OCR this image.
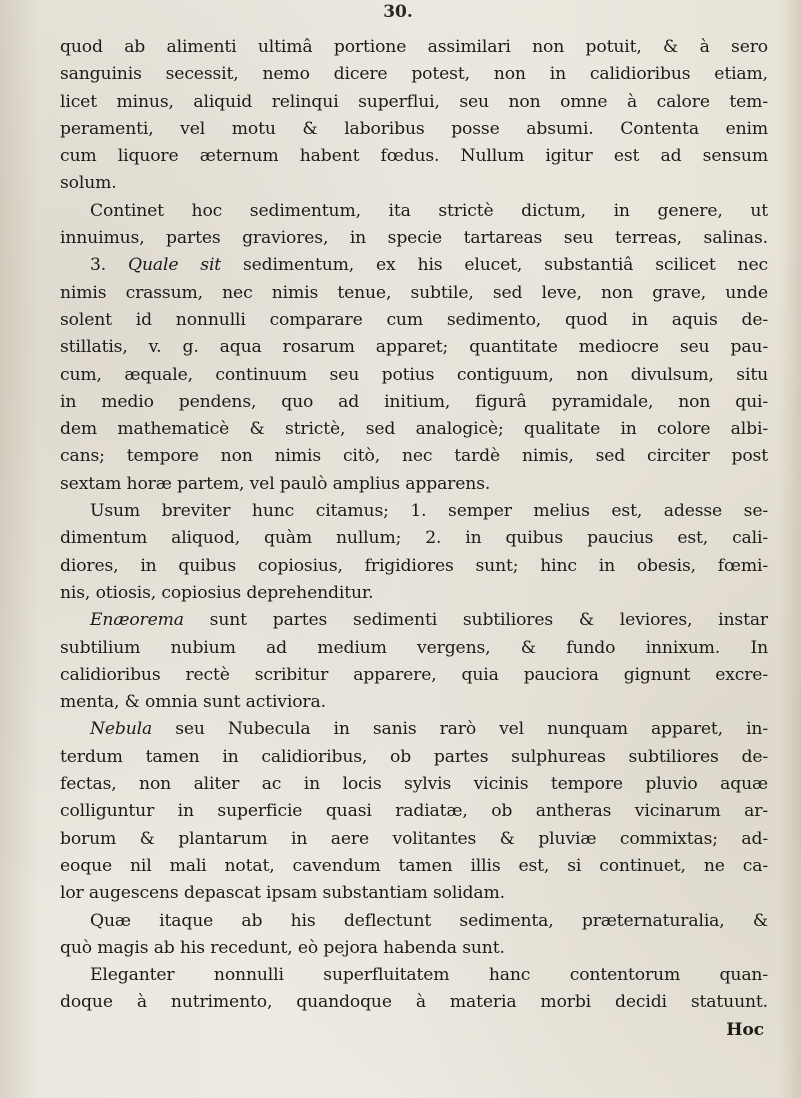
30.
quod ab alimenti ultimâ portione assimilari non potuit, & à sero
sanguinis secessit, nemo dicere potest, non in calidioribus etiam,
licet minus, aliquid relinqui superflui, seu non omne à calore tem-
peramenti, vel motu & laboribus posse absumi. Contenta enim
cum liquore æternum habent fœdus. Nullum igitur est ad sensum
solum.
Continet hoc sedimentum, ita strictè dictum, in genere, ut
innuimus, partes graviores, in specie tartareas seu terreas, salinas.
3. Quale sit sedimentum, ex his elucet, substantiâ scilicet nec
nimis crassum, nec nimis tenue, subtile, sed leve, non grave, unde
solent id nonnulli comparare cum sedimento, quod in aquis de-
stillatis, v. g. aqua rosarum apparet; quantitate mediocre seu pau-
cum, æquale, continuum seu potius contiguum, non divulsum, situ
in medio pendens, quo ad initium, figurâ pyramidale, non qui-
dem mathematicè & strictè, sed analogicè; qualitate in colore albi-
cans; tempore non nimis citò, nec tardè nimis, sed circiter post
sextam horæ partem, vel paulò amplius apparens.
Usum breviter hunc citamus; 1. semper melius est, adesse se-
dimentum aliquod, quàm nullum; 2. in quibus paucius est, cali-
diores, in quibus copiosius, frigidiores sunt; hinc in obesis, fœmi-
nis, otiosis, copiosius deprehenditur.
Enæorema sunt partes sedimenti subtiliores & leviores, instar
subtilium nubium ad medium vergens, & fundo innixum. In
calidioribus rectè scribitur apparere, quia pauciora gignunt excre-
menta, & omnia sunt activiora.
Nebula seu Nubecula in sanis rarò vel nunquam apparet, in-
terdum tamen in calidioribus, ob partes sulphureas subtiliores de-
fectas, non aliter ac in locis sylvis vicinis tempore pluvio aquæ
colliguntur in superficie quasi radiatæ, ob antheras vicinarum ar-
borum & plantarum in aere volitantes & pluviæ commixtas; ad-
eoque nil mali notat, cavendum tamen illis est, si continuet, ne ca-
lor augescens depascat ipsam substantiam solidam.
Quæ itaque ab his deflectunt sedimenta, præternaturalia, &
quò magis ab his recedunt, eò pejora habenda sunt.
Eleganter nonnulli superfluitatem hanc contentorum quan-
doque à nutrimento, quandoque à materia morbi decidi statuunt.
Hoc
